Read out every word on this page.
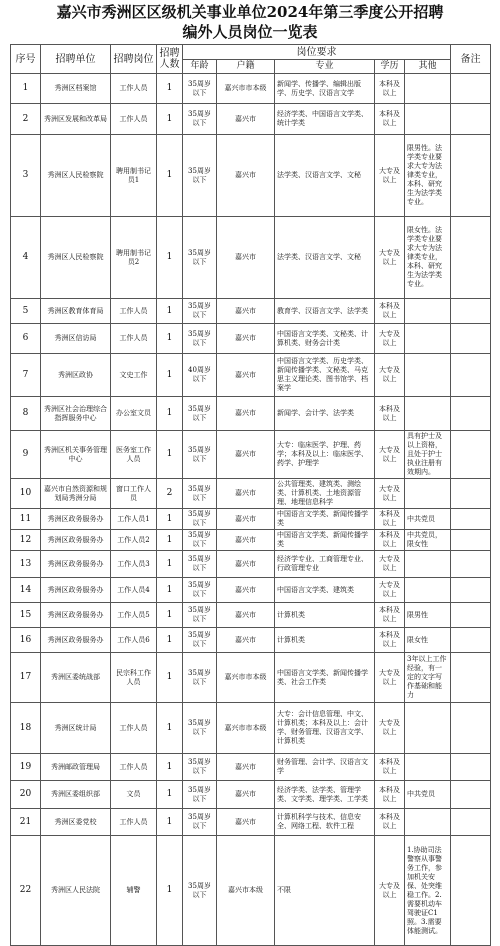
嘉兴市秀洲区区级机关事业单位2024年第三季度公开招聘
编外人员岗位一览表
序号	招聘单位	招聘岗位	招聘人数	岗位要求					备注
				年龄	户籍	专业	学历	其他	
1	秀洲区档案馆	工作人员	1	35周岁以下	嘉兴市市本级	新闻学、传播学、编辑出版学、历史学、汉语言文学	本科及以上		
2	秀洲区发展和改革局	工作人员	1	35周岁以下	嘉兴市	经济学类、中国语言文学类、统计学类	本科及以上		
3	秀洲区人民检察院	聘用制书记员1	1	35周岁以下	嘉兴市	法学类、汉语言文学、文秘	大专及以上	限男性。法学类专业要求大专为法律类专业，本科、研究生为法学类专业。	
4	秀洲区人民检察院	聘用制书记员2	1	35周岁以下	嘉兴市	法学类、汉语言文学、文秘	大专及以上	限女性。法学类专业要求大专为法律类专业，本科、研究生为法学类专业。	
5	秀洲区教育体育局	工作人员	1	35周岁以下	嘉兴市	教育学、汉语言文学、法学类	本科及以上		
6	秀洲区信访局	工作人员	1	35周岁以下	嘉兴市	中国语言文学类、文秘类、计算机类、财务会计类	大专及以上		
7	秀洲区政协	文史工作	1	40周岁以下	嘉兴市	中国语言文学类、历史学类、新闻传播学类、文秘类、马克思主义理论类、图书馆学、档案学	大专及以上		
8	秀洲区社会治理综合指挥服务中心	办公室文员	1	35周岁以下	嘉兴市	新闻学、会计学、法学类	本科及以上		
9	秀洲区机关事务管理中心	医务室工作人员	1	35周岁以下	嘉兴市	大专：临床医学、护理、药学；本科及以上：临床医学、药学、护理学	大专及以上	具有护士及以上资格，且处于护士执业注册有效期内。	
10	嘉兴市自然资源和规划局秀洲分局	窗口工作人员	2	35周岁以下	嘉兴市	公共管理类、建筑类、测绘类、计算机类、土地资源管理、地理信息科学	大专及以上		
11	秀洲区政务服务办	工作人员1	1	35周岁以下	嘉兴市	中国语言文学类、新闻传播学类	本科及以上	中共党员	
12	秀洲区政务服务办	工作人员2	1	35周岁以下	嘉兴市	中国语言文学类、新闻传播学类	本科及以上	中共党员，限女性	
13	秀洲区政务服务办	工作人员3	1	35周岁以下	嘉兴市	经济学专业、工商管理专业、行政管理专业	大专及以上		
14	秀洲区政务服务办	工作人员4	1	35周岁以下	嘉兴市	中国语言文学类、建筑类	大专及以上		
15	秀洲区政务服务办	工作人员5	1	35周岁以下	嘉兴市	计算机类	本科及以上	限男性	
16	秀洲区政务服务办	工作人员6	1	35周岁以下	嘉兴市	计算机类	本科及以上	限女性	
17	秀洲区委统战部	民宗科工作人员	1	35周岁以下	嘉兴市市本级	中国语言文学类、新闻传播学类、社会工作类	大专及以上	3年以上工作经验，有一定的文字写作基础和能力	
18	秀洲区统计局	工作人员	1	35周岁以下	嘉兴市市本级	大专：会计信息管理、中文、计算机类；本科及以上：会计学、财务管理、汉语言文学、计算机类	大专及以上		
19	秀洲邮政管理局	工作人员	1	35周岁以下	嘉兴市	财务管理、会计学、汉语言文学	本科及以上		
20	秀洲区委组织部	文员	1	35周岁以下	嘉兴市	经济学类、法学类、管理学类、文学类、理学类、工学类	本科及以上	中共党员	
21	秀洲区委党校	工作人员	1	35周岁以下	嘉兴市	计算机科学与技术、信息安全、网络工程、软件工程	本科及以上		
22	秀洲区人民法院	辅警	1	35周岁以下	嘉兴市本级	不限	大专及以上	1.协助司法警察从事警务工作，参加机关安保、处突维稳工作。2.需要机动车驾驶证C1照。3.需要体能测试。	
